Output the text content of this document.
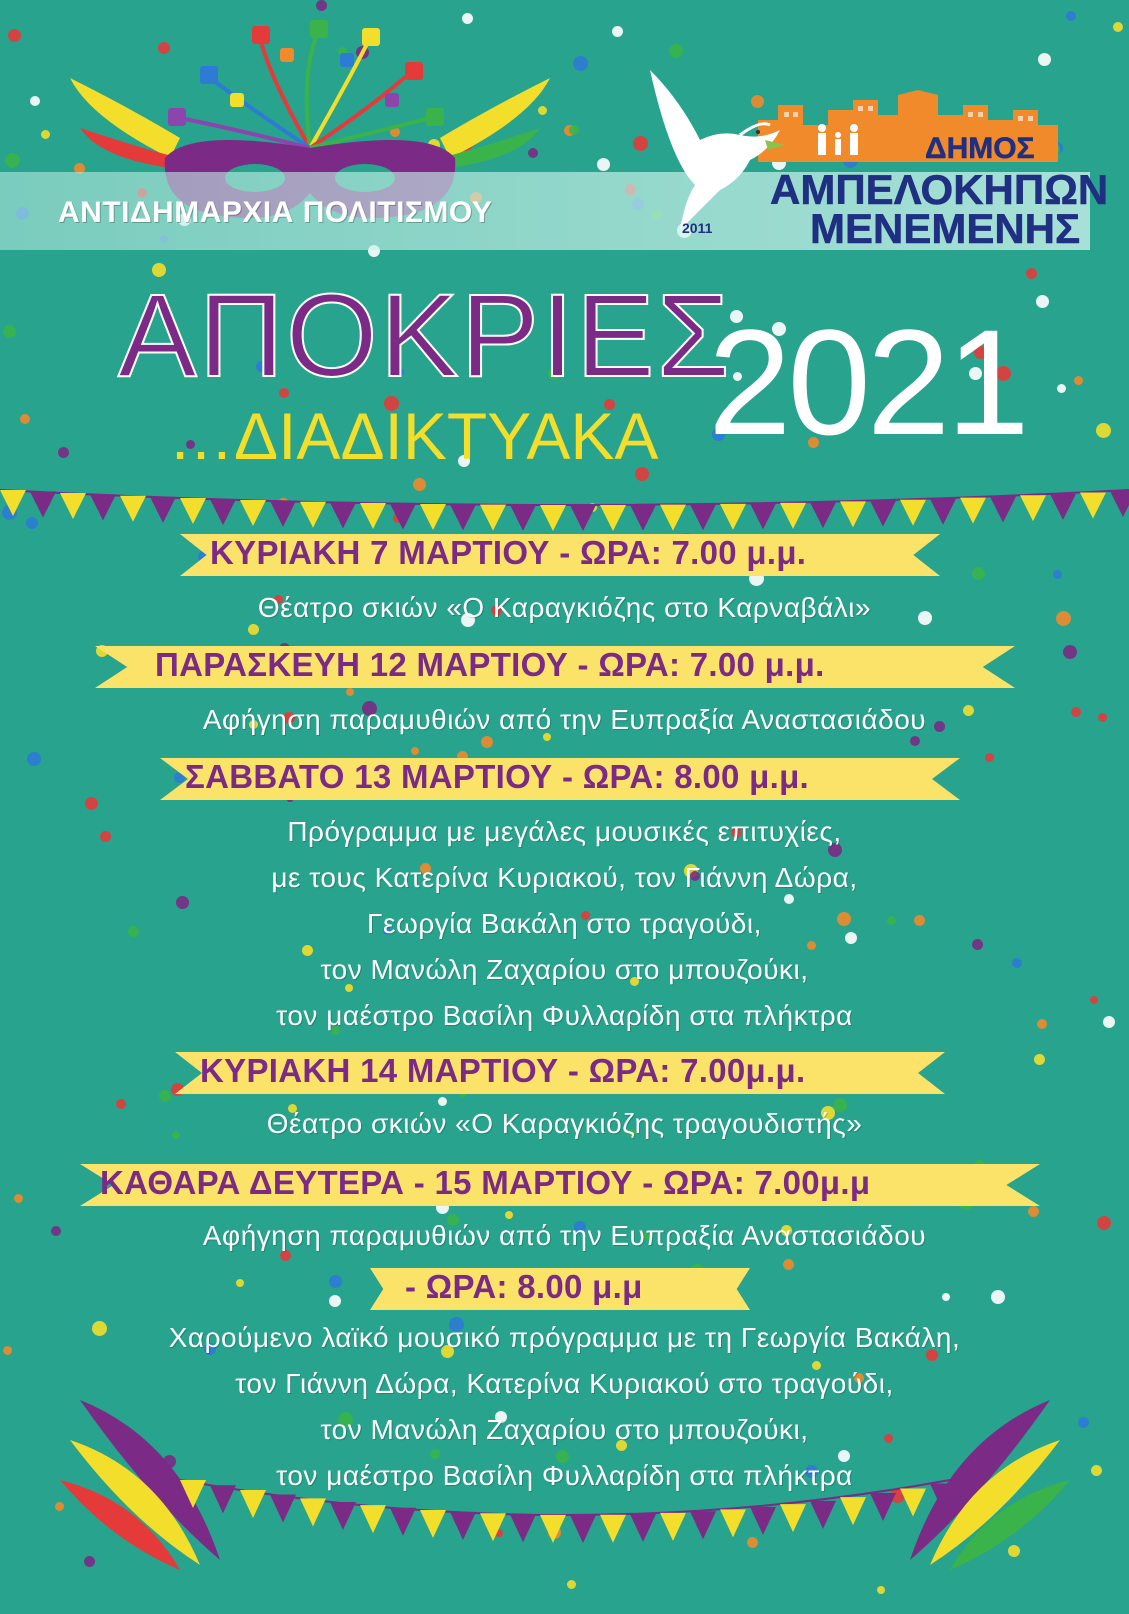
ΑΝΤΙΔΗΜΑΡΧΙΑ ΠΟΛΙΤΙΣΜΟΥ
ΔΗΜΟΣ
ΑΜΠΕΛΟΚΗΠΩΝ
ΜΕΝΕΜΕΝΗΣ
2011
ΑΠΟΚΡΙΕΣ
…ΔΙΑΔΙΚΤΥΑΚΑ 2021
ΚΥΡΙΑΚΗ 7 ΜΑΡΤΙΟΥ - ΩΡΑ: 7.00 μ.μ.
Θέατρο σκιών «Ο Καραγκιόζης στο Καρναβάλι»
ΠΑΡΑΣΚΕΥΗ 12 ΜΑΡΤΙΟΥ - ΩΡΑ: 7.00 μ.μ.
Αφήγηση παραμυθιών από την Ευπραξία Αναστασιάδου
ΣΑΒΒΑΤΟ 13 ΜΑΡΤΙΟΥ - ΩΡΑ: 8.00 μ.μ.
Πρόγραμμα με μεγάλες μουσικές επιτυχίες,
με τους Κατερίνα Κυριακού, τον Γιάννη Δώρα,
Γεωργία Βακάλη στο τραγούδι,
τον Μανώλη Ζαχαρίου στο μπουζούκι,
τον μαέστρο Βασίλη Φυλλαρίδη στα πλήκτρα
ΚΥΡΙΑΚΗ 14 ΜΑΡΤΙΟΥ - ΩΡΑ: 7.00μ.μ.
Θέατρο σκιών «Ο Καραγκιόζης τραγουδιστής»
ΚΑΘΑΡΑ ΔΕΥΤΕΡΑ - 15 ΜΑΡΤΙΟΥ - ΩΡΑ: 7.00μ.μ
Αφήγηση παραμυθιών από την Ευπραξία Αναστασιάδου
- ΩΡΑ: 8.00 μ.μ
Χαρούμενο λαϊκό μουσικό πρόγραμμα με τη Γεωργία Βακάλη,
τον Γιάννη Δώρα, Κατερίνα Κυριακού στο τραγούδι,
τον Μανώλη Ζαχαρίου στο μπουζούκι,
τον μαέστρο Βασίλη Φυλλαρίδη στα πλήκτρα
